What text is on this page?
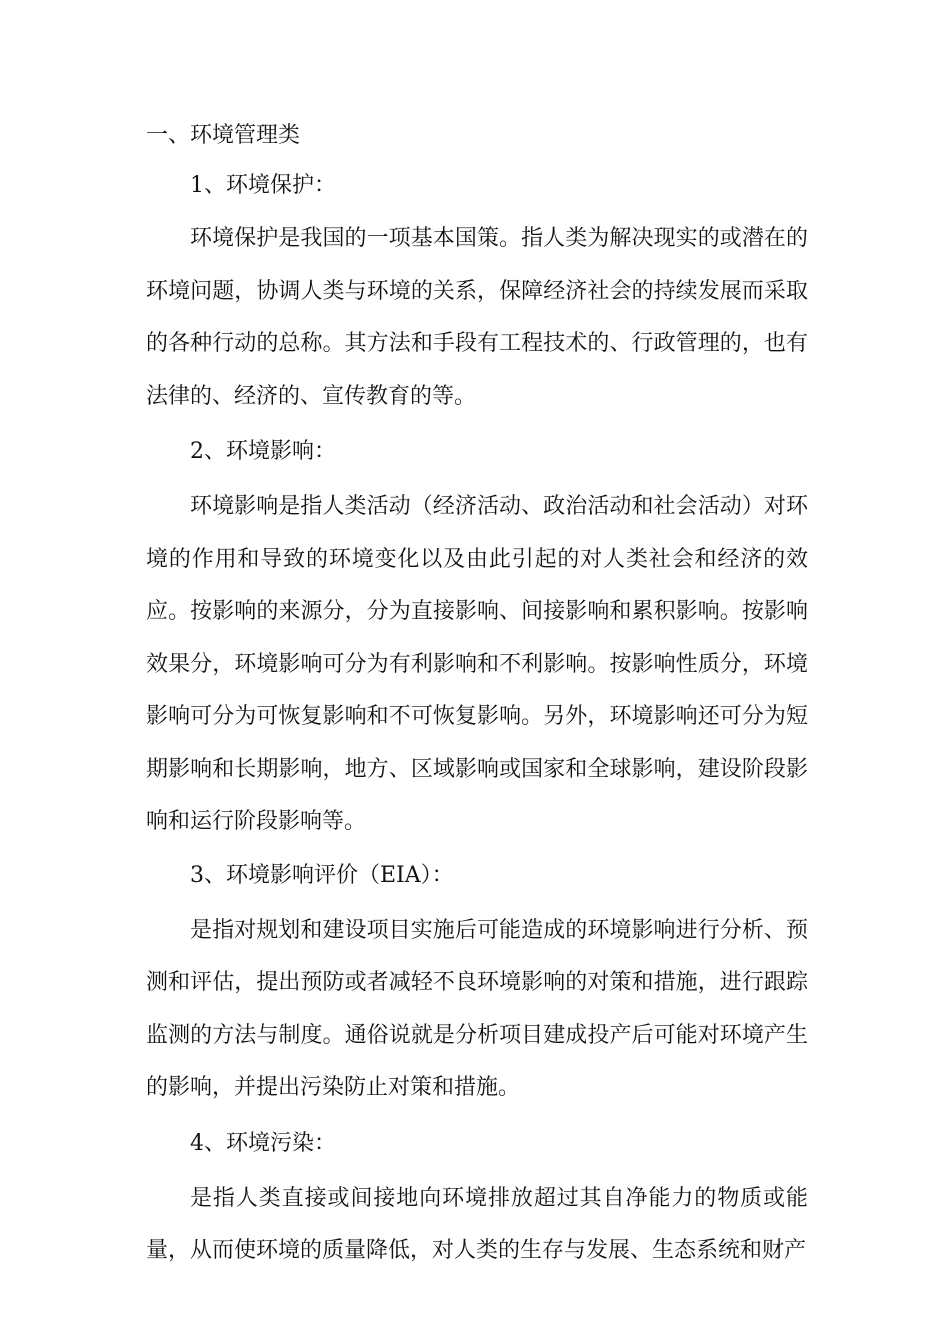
一、环境管理类

1、环境保护：

环境保护是我国的一项基本国策。指人类为解决现实的或潜在的环境问题，协调人类与环境的关系，保障经济社会的持续发展而采取的各种行动的总称。其方法和手段有工程技术的、行政管理的，也有法律的、经济的、宣传教育的等。

2、环境影响：

环境影响是指人类活动（经济活动、政治活动和社会活动）对环境的作用和导致的环境变化以及由此引起的对人类社会和经济的效应。按影响的来源分，分为直接影响、间接影响和累积影响。按影响效果分，环境影响可分为有利影响和不利影响。按影响性质分，环境影响可分为可恢复影响和不可恢复影响。另外，环境影响还可分为短期影响和长期影响，地方、区域影响或国家和全球影响，建设阶段影响和运行阶段影响等。

3、环境影响评价（EIA）：

是指对规划和建设项目实施后可能造成的环境影响进行分析、预测和评估，提出预防或者减轻不良环境影响的对策和措施，进行跟踪监测的方法与制度。通俗说就是分析项目建成投产后可能对环境产生的影响，并提出污染防止对策和措施。

4、环境污染：

是指人类直接或间接地向环境排放超过其自净能力的物质或能量，从而使环境的质量降低，对人类的生存与发展、生态系统和财产
